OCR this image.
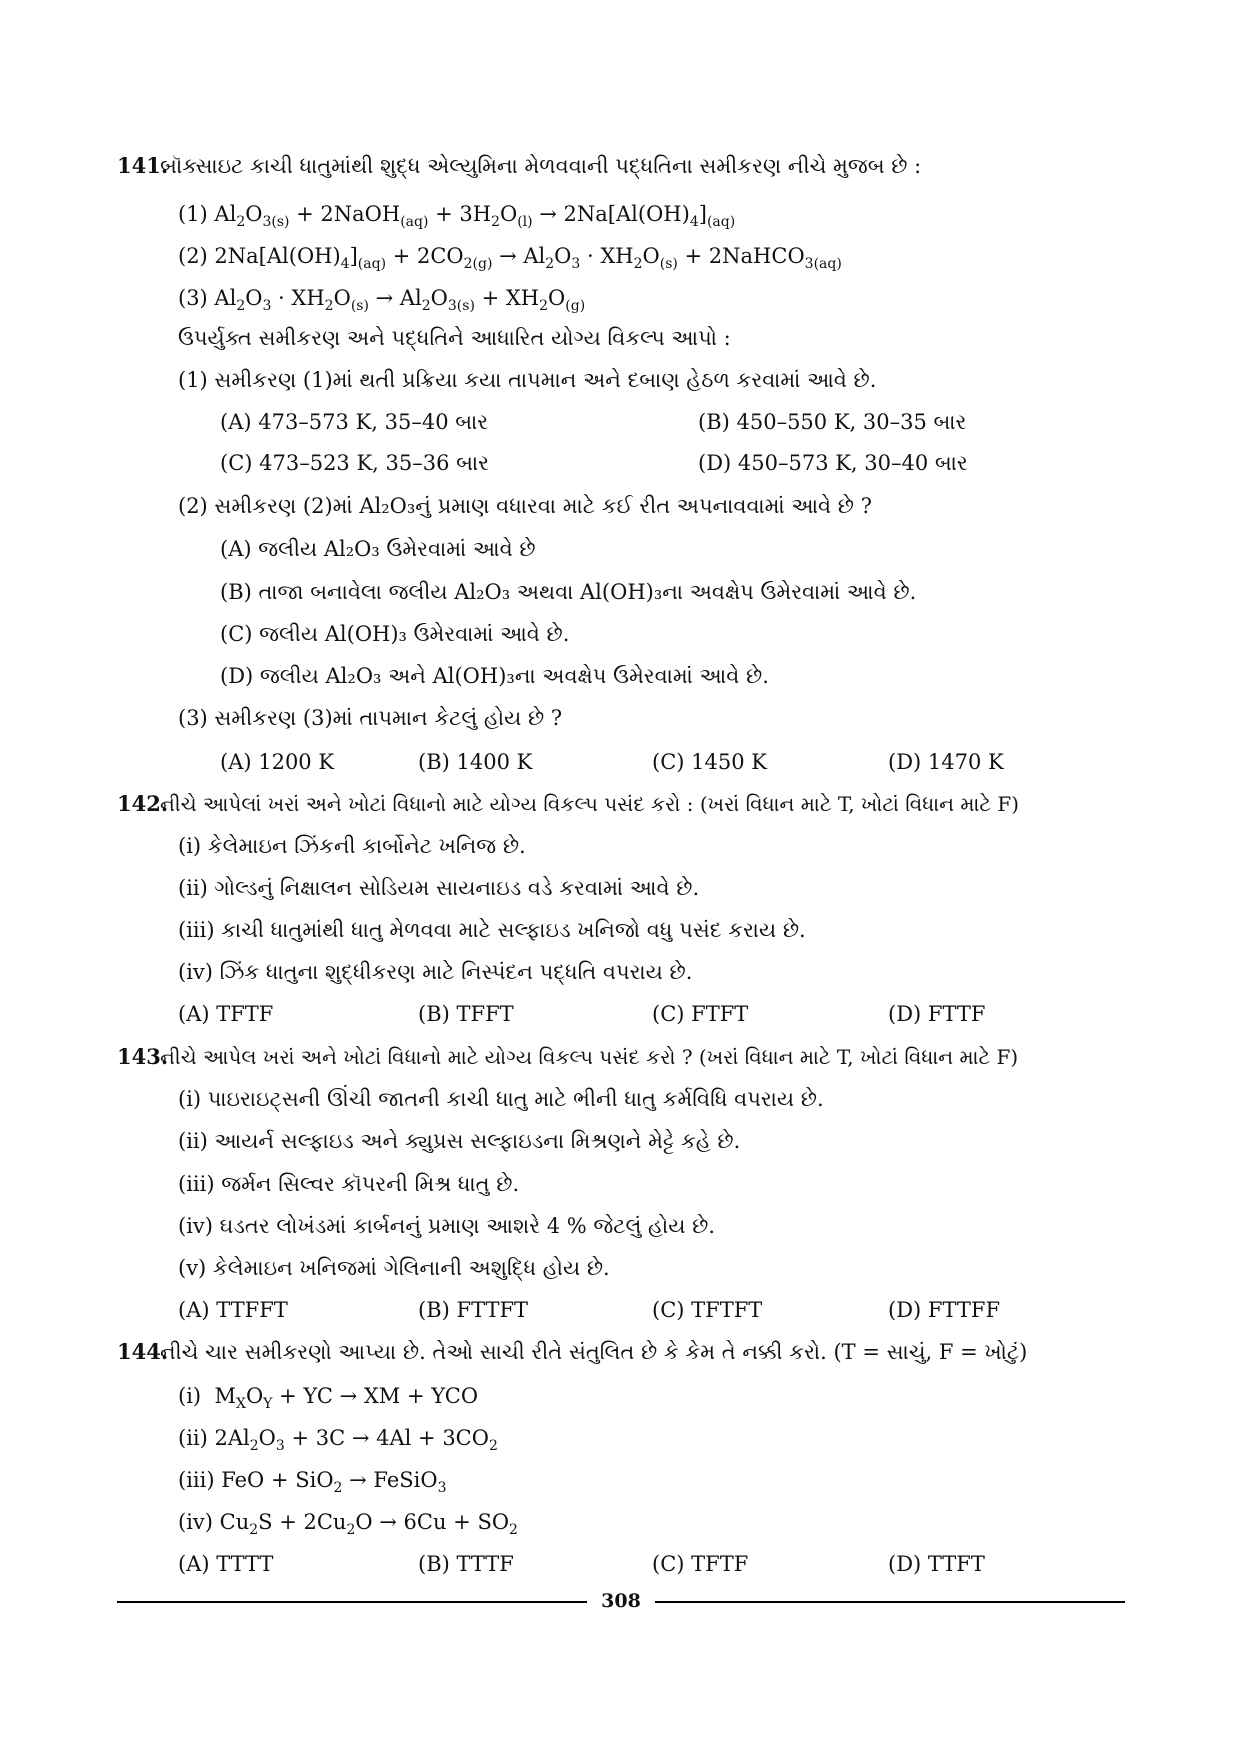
141.
બૉક્સાઇટ કાચી ધાતુમાંથી શુદ્ધ એલ્યુમિના મેળવવાની પદ્ધતિના સમીકરણ નીચે મુજબ છે :
(1) $Al_2O_{3(s)}$ + 2NaOH$_{(aq)}$ + $3H_2O_{(l)} \to 2Na[Al(OH)_4]_{(aq)}$
(2) $2Na[Al(OH)_4]_{(aq)} + 2CO_{2(g)} \to Al_2O_3 \cdot XH_2O_{(s)}$ + 2NaHCO$_{3(aq)}$
(3) $Al_2O_3 \cdot XH_2O_{(s)} \to Al_2O_{3(s)} + XH_2O_{(g)}$
ઉપર્યુક્ત સમીકરણ અને પદ્ધતિને આધારિત યોગ્ય વિકલ્પ આપો :
(1) સમીકરણ (1)માં થતી પ્રક્રિયા કયા તાપમાન અને દબાણ હેઠળ કરવામાં આવે છે.
(A) 473–573 K, 35–40 બાર	(B) 450–550 K, 30–35 બાર
(C) 473–523 K, 35–36 બાર	(D) 450–573 K, 30–40 બાર
(2) સમીકરણ (2)માં Al₂O₃નું પ્રમાણ વધારવા માટે કઈ રીત અપનાવવામાં આવે છે ?
(A) જલીય Al₂O₃ ઉમેરવામાં આવે છે
(B) તાજા બનાવેલા જલીય Al₂O₃ અથવા Al(OH)₃ના અવક્ષેપ ઉમેરવામાં આવે છે.
(C) જલીય Al(OH)₃ ઉમેરવામાં આવે છે.
(D) જલીય Al₂O₃ અને Al(OH)₃ના અવક્ષેપ ઉમેરવામાં આવે છે.
(3) સમીકરણ (3)માં તાપમાન કેટલું હોય છે ?
(A) 1200 K	(B) 1400 K	(C) 1450 K	(D) 1470 K
142.
નીચે આપેલાં ખરાં અને ખોટાં વિધાનો માટે યોગ્ય વિકલ્પ પસંદ કરો : (ખરાં વિધાન માટે T, ખોટાં વિધાન માટે F)
(i) કેલેમાઇન ઝિંકની કાર્બોનેટ ખનિજ છે.
(ii) ગોલ્ડનું નિક્ષાલન સોડિયમ સાયનાઇડ વડે કરવામાં આવે છે.
(iii) કાચી ધાતુમાંથી ધાતુ મેળવવા માટે સલ્ફાઇડ ખનિજો વધુ પસંદ કરાય છે.
(iv) ઝિંક ધાતુના શુદ્ધીકરણ માટે નિસ્પંદન પદ્ધતિ વપરાય છે.
(A) TFTF	(B) TFFT	(C) FTFT	(D) FTTF
143.
નીચે આપેલ ખરાં અને ખોટાં વિધાનો માટે યોગ્ય વિકલ્પ પસંદ કરો ? (ખરાં વિધાન માટે T, ખોટાં વિધાન માટે F)
(i) પાઇરાઇટ્સની ઊંચી જાતની કાચી ધાતુ માટે ભીની ધાતુ કર્મવિધિ વપરાય છે.
(ii) આયર્ન સલ્ફાઇડ અને ક્યુપ્રસ સલ્ફાઇડના મિશ્રણને મેટ્ટે કહે છે.
(iii) જર્મન સિલ્વર કૉપરની મિશ્ર ધાતુ છે.
(iv) ઘડતર લોખંડમાં કાર્બનનું પ્રમાણ આશરે 4 % જેટલું હોય છે.
(v) કેલેમાઇન ખનિજમાં ગેલિનાની અશુદ્ધિ હોય છે.
(A) TTFFT	(B) FTTFT	(C) TFTFT	(D) FTTFF
144.
નીચે ચાર સમીકરણો આપ્યા છે. તેઓ સાચી રીતે સંતુલિત છે કે કેમ તે નક્કી કરો. (T = સાચું, F = ખોટું)
(i)  $M_XO_Y$ + YC → XM + YCO
(ii) $2Al_2O_3 + 3C \to 4Al + 3CO_2$
(iii) FeO + SiO$_2$ → FeSiO$_3$
(iv) $Cu_2S + 2Cu_2O \to 6Cu + SO_2$
(A) TTTT	(B) TTTF	(C) TFTF	(D) TTFT
308
